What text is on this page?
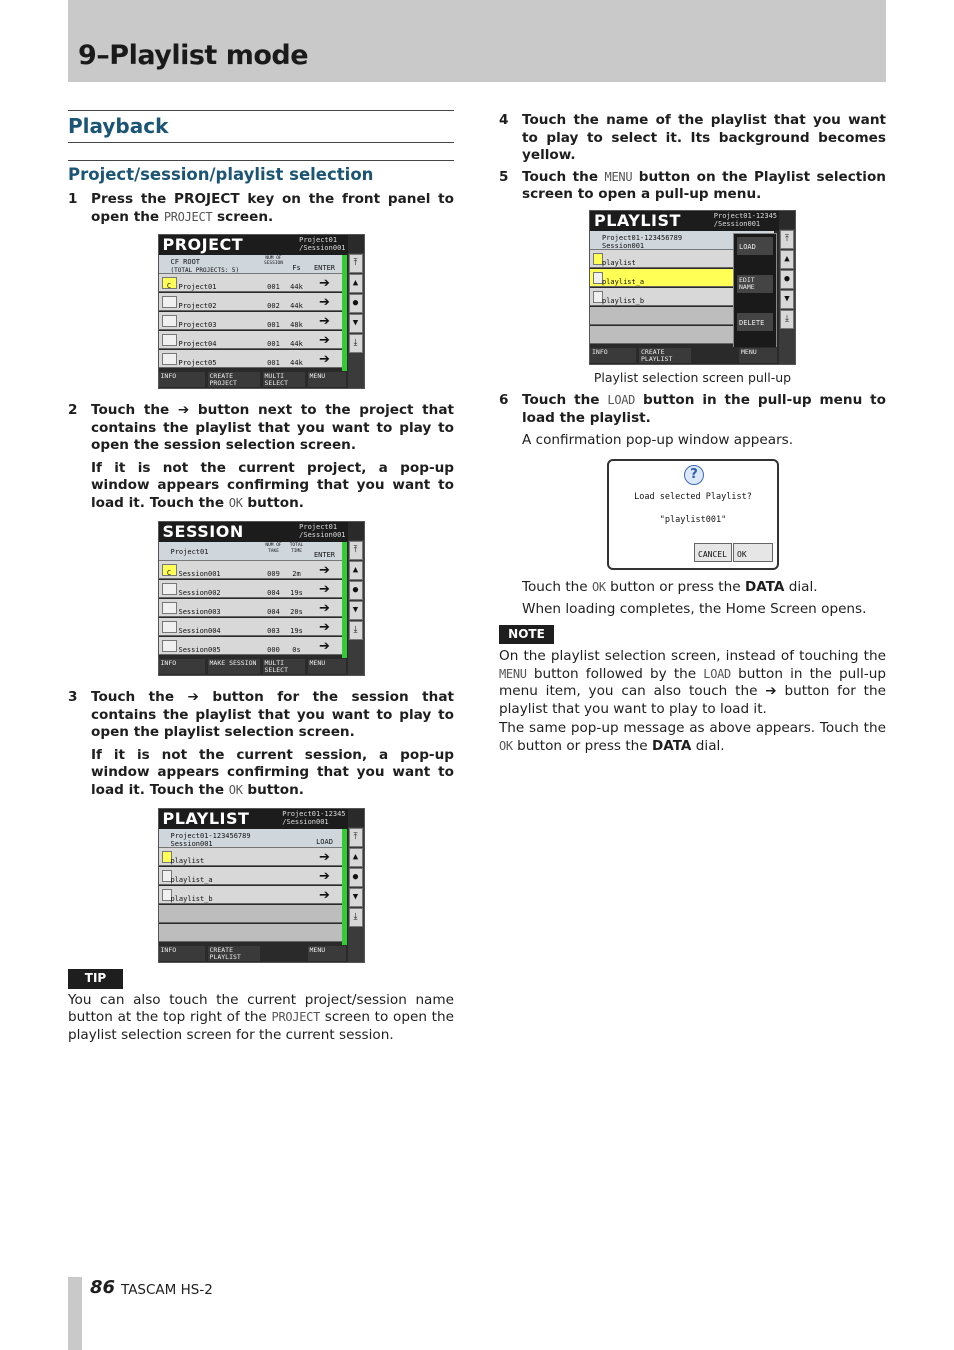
9–Playlist mode
Playback
Project/session/playlist selection
1 Press the PROJECT key on the front panel to open the PROJECT screen.
PROJECT	Project01
/Session001
CF ROOT
(TOTAL PROJECTS: 5)
NUM OF SESSION
Fs	ENTER
C	Project01	001	44k	➔
Project02	002	44k	➔
Project03	001	48k	➔
Project04	001	44k	➔
Project05	001	44k	➔
⤒
▲
●
▼
⤓
INFO	CREATE PROJECT
MULTI SELECT
MENU
2 Touch the ➔ button next to the project that contains the playlist that you want to play to open the session selection screen.
If it is not the current project, a pop-up window appears confirming that you want to load it. Touch the OK button.
SESSION	Project01
/Session001
Project01
NUM OF TAKE
TOTAL TIME	ENTER
C	Session001	009	2m	➔
Session002	004	19s	➔
Session003	004	20s	➔
Session004	003	19s	➔
Session005	000	0s	➔
⤒
▲
●
▼
⤓
INFO	MAKE SESSION	MULTI SELECT
MENU
3 Touch the ➔ button for the session that contains the playlist that you want to play to open the playlist selection screen.
If it is not the current session, a pop-up window appears confirming that you want to load it. Touch the OK button.
PLAYLIST	Project01-12345
/Session001
Project01-123456789
Session001	LOAD
playlist	➔
playlist_a	➔
playlist_b	➔
⤒
▲
●
▼
⤓
INFO	CREATE PLAYLIST
MENU
TIP
You can also touch the current project/session name button at the top right of the PROJECT screen to open the playlist selection screen for the current session.
4 Touch the name of the playlist that you want to play to select it. Its background becomes yellow.
5 Touch the MENU button on the Playlist selection screen to open a pull-up menu.
PLAYLIST	Project01-12345
/Session001
Project01-123456789
Session001
playlist
playlist_a
playlist_b
LOAD
EDIT NAME
DELETE
⤒
▲
●
▼
⤓
INFO	CREATE PLAYLIST
MENU
Playlist selection screen pull-up
6 Touch the LOAD button in the pull-up menu to load the playlist.
A confirmation pop-up window appears.
?
Load selected Playlist?
"playlist001"
CANCEL	OK
Touch the OK button or press the DATA dial.
When loading completes, the Home Screen opens.
NOTE
On the playlist selection screen, instead of touching the MENU button followed by the LOAD button in the pull-up menu item, you can also touch the ➔ button for the playlist that you want to play to load it.
The same pop-up message as above appears. Touch the OK button or press the DATA dial.
86 TASCAM HS-2
